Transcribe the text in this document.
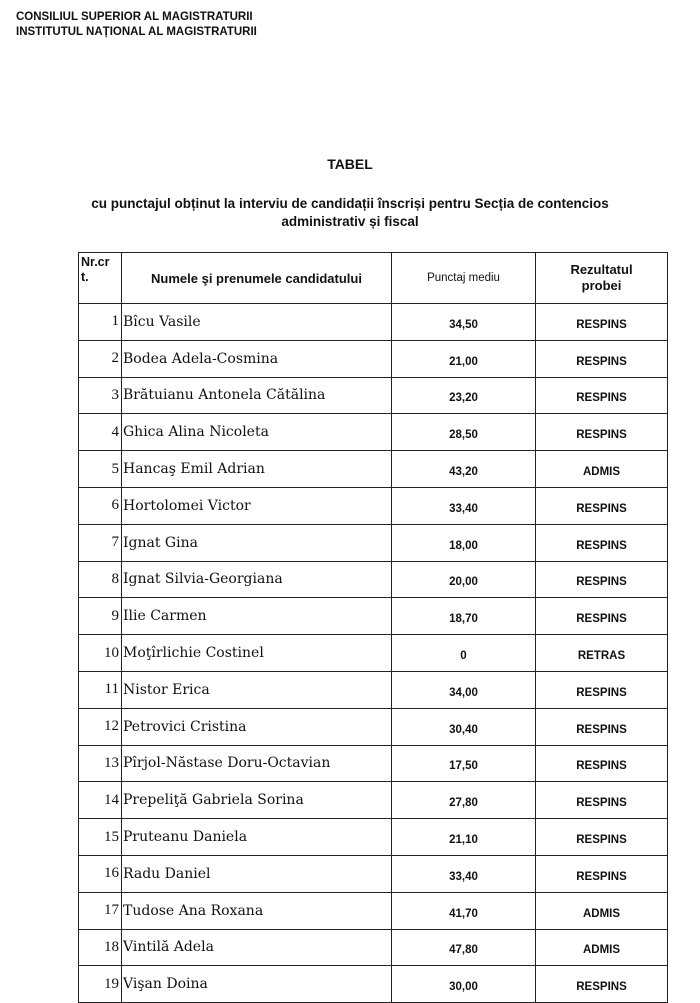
CONSILIUL SUPERIOR AL MAGISTRATURII
INSTITUTUL NAȚIONAL AL MAGISTRATURII
TABEL
cu punctajul obținut la interviu de candidații înscriși pentru Secția de contencios
administrativ și fiscal
Nr.cr
t.	Numele şi prenumele candidatului	Punctaj mediu	Rezultatul
probei
1	Bîcu Vasile	34,50	RESPINS
2	Bodea Adela-Cosmina	21,00	RESPINS
3	Brătuianu Antonela Cătălina	23,20	RESPINS
4	Ghica Alina Nicoleta	28,50	RESPINS
5	Hancaş Emil Adrian	43,20	ADMIS
6	Hortolomei Victor	33,40	RESPINS
7	Ignat Gina	18,00	RESPINS
8	Ignat Silvia-Georgiana	20,00	RESPINS
9	Ilie Carmen	18,70	RESPINS
10	Moţîrlichie Costinel	0	RETRAS
11	Nistor Erica	34,00	RESPINS
12	Petrovici Cristina	30,40	RESPINS
13	Pîrjol-Năstase Doru-Octavian	17,50	RESPINS
14	Prepeliţă Gabriela Sorina	27,80	RESPINS
15	Pruteanu Daniela	21,10	RESPINS
16	Radu Daniel	33,40	RESPINS
17	Tudose Ana Roxana	41,70	ADMIS
18	Vintilă Adela	47,80	ADMIS
19	Vişan Doina	30,00	RESPINS
